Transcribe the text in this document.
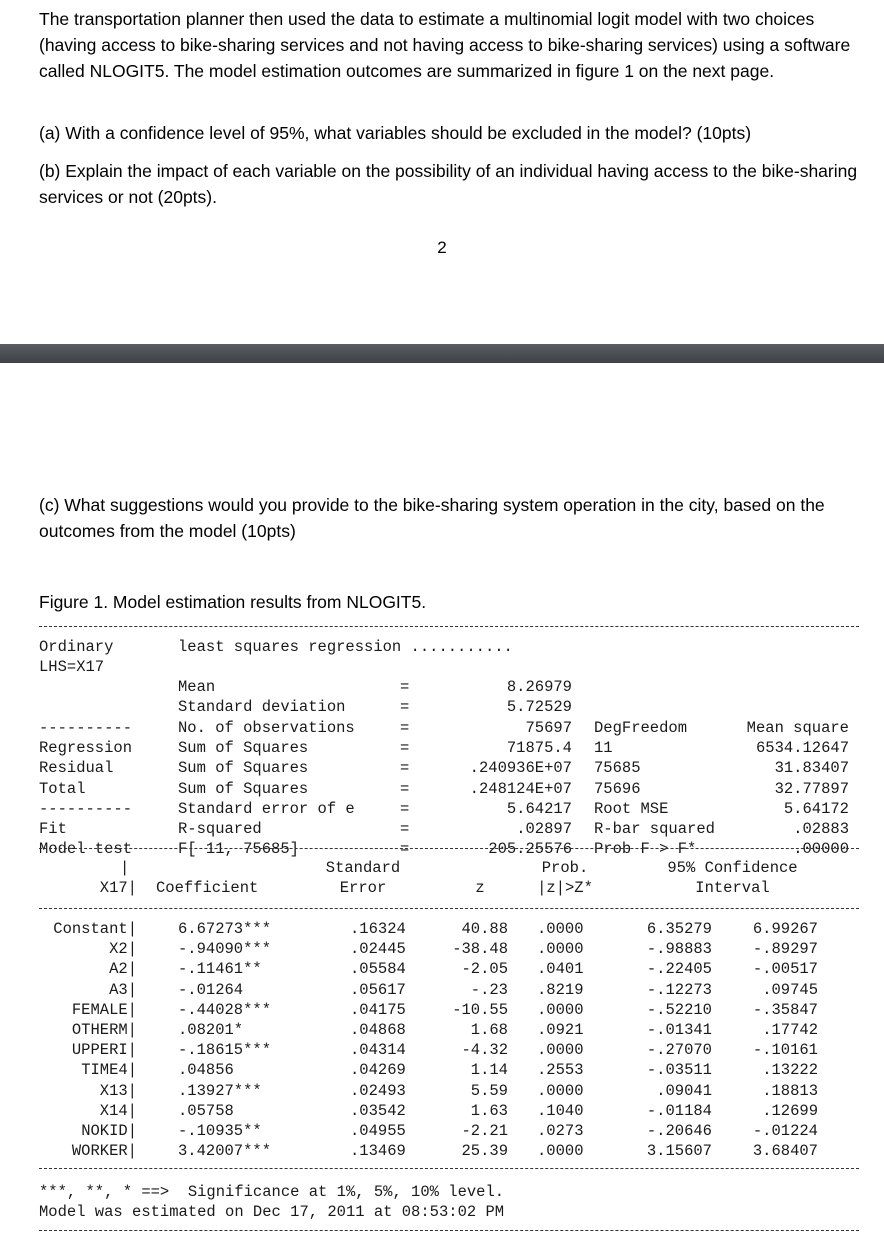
The transportation planner then used the data to estimate a multinomial logit model with two choices (having access to bike-sharing services and not having access to bike-sharing services) using a software called NLOGIT5. The model estimation outcomes are summarized in figure 1 on the next page.

(a) With a confidence level of 95%, what variables should be excluded in the model? (10pts)

(b) Explain the impact of each variable on the possibility of an individual having access to the bike-sharing services or not (20pts).

2

(c) What suggestions would you provide to the bike-sharing system operation in the city, based on the outcomes from the model (10pts)

Figure 1. Model estimation results from NLOGIT5.

Ordinary	least squares regression ...........
LHS=X17
Mean	=	8.26979
Standard deviation	=	5.72529
----------	No. of observations	=	75697 DegFreedom	Mean square
Regression	Sum of Squares	=	71875.4 11	6534.12647
Residual	Sum of Squares	=	.240936E+07 75685	31.83407
Total	Sum of Squares	=	.248124E+07 75696	32.77897
----------	Standard error of e	=	5.64217 Root MSE	5.64172
Fit	R-squared	=	.02897 R-bar squared	.02883
Model test	F[ 11, 75685]	=	205.25576 Prob F > F*	.00000
|	Standard	Prob.	95% Confidence
X17| Coefficient	Error	z	|z|>Z*	Interval
Constant|	6.67273***	.16324	40.88 .0000	6.35279	6.99267
X2|	-.94090***	.02445	-38.48 .0000	-.98883	-.89297
A2|	-.11461**	.05584	-2.05 .0401	-.22405	-.00517
A3|	-.01264	.05617	-.23 .8219	-.12273	.09745
FEMALE|	-.44028***	.04175	-10.55 .0000	-.52210	-.35847
OTHERM|	.08201*	.04868	1.68 .0921	-.01341	.17742
UPPERI|	-.18615***	.04314	-4.32 .0000	-.27070	-.10161
TIME4|	.04856	.04269	1.14 .2553	-.03511	.13222
X13|	.13927***	.02493	5.59 .0000	.09041	.18813
X14|	.05758	.03542	1.63 .1040	-.01184	.12699
NOKID|	-.10935**	.04955	-2.21 .0273	-.20646	-.01224
WORKER|	3.42007***	.13469	25.39 .0000	3.15607	3.68407
***, **, * ==>  Significance at 1%, 5%, 10% level.
Model was estimated on Dec 17, 2011 at 08:53:02 PM
